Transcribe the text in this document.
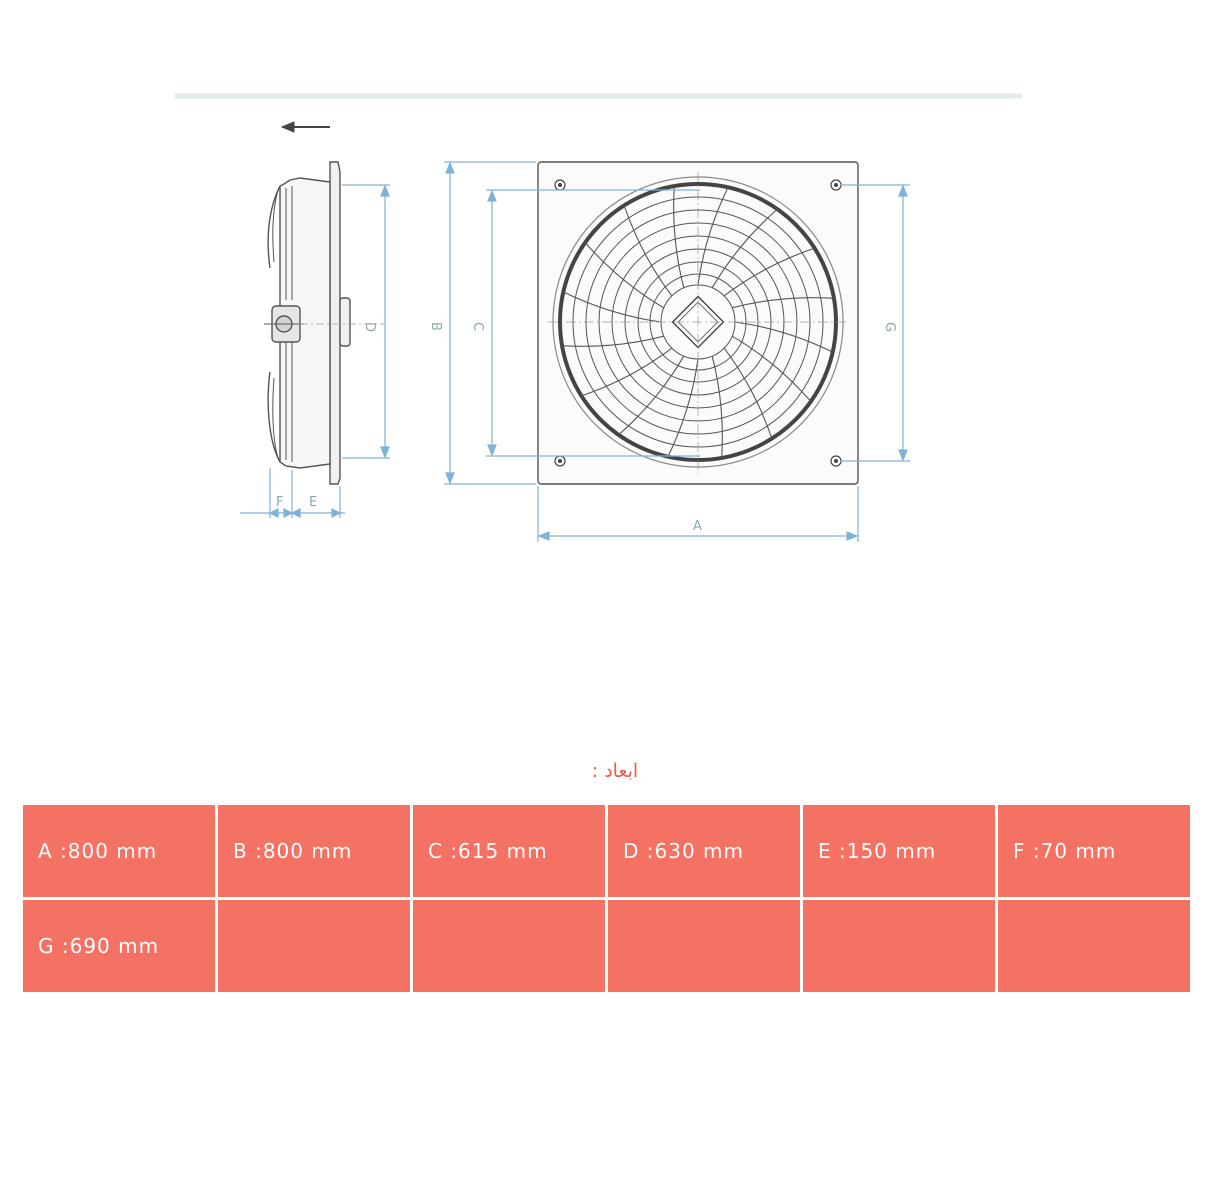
D
F E
B C	G
A
ابعاد :
A :800 mm	B :800 mm	C :615 mm	D :630 mm	E :150 mm	F :70 mm
G :690 mm					
